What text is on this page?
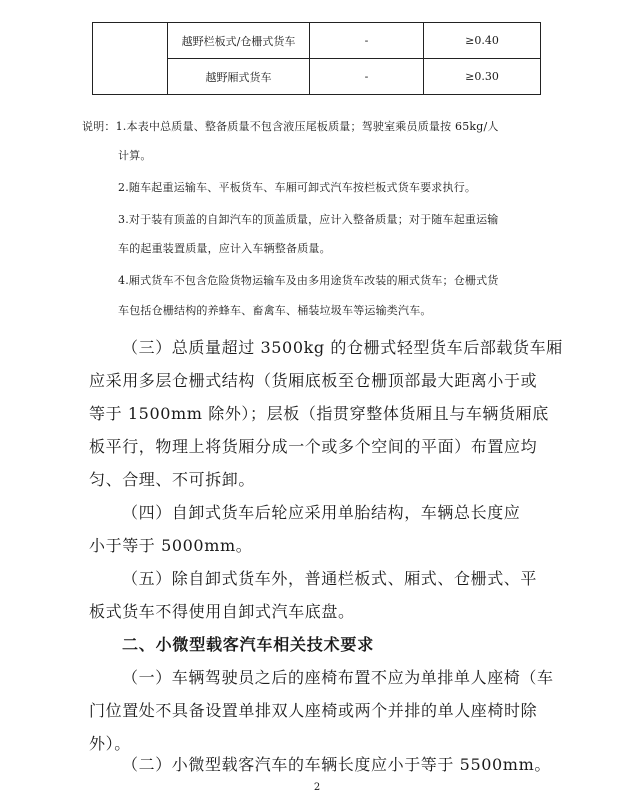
	越野栏板式/仓栅式货车	-	≥0.40
	越野厢式货车	-	≥0.30
说明：1.本表中总质量、整备质量不包含液压尾板质量；驾驶室乘员质量按 65kg/人
计算。
2.随车起重运输车、平板货车、车厢可卸式汽车按栏板式货车要求执行。
3.对于装有顶盖的自卸汽车的顶盖质量，应计入整备质量；对于随车起重运输
车的起重装置质量，应计入车辆整备质量。
4.厢式货车不包含危险货物运输车及由多用途货车改装的厢式货车；仓栅式货
车包括仓栅结构的养蜂车、畜禽车、桶装垃圾车等运输类汽车。
（三）总质量超过 3500kg 的仓栅式轻型货车后部载货车厢
应采用多层仓栅式结构（货厢底板至仓栅顶部最大距离小于或
等于 1500mm 除外）；层板（指贯穿整体货厢且与车辆货厢底
板平行，物理上将货厢分成一个或多个空间的平面）布置应均
匀、合理、不可拆卸。
（四）自卸式货车后轮应采用单胎结构，车辆总长度应
小于等于 5000mm。
（五）除自卸式货车外，普通栏板式、厢式、仓栅式、平
板式货车不得使用自卸式汽车底盘。
二、小微型载客汽车相关技术要求
（一）车辆驾驶员之后的座椅布置不应为单排单人座椅（车
门位置处不具备设置单排双人座椅或两个并排的单人座椅时除
外）。
（二）小微型载客汽车的车辆长度应小于等于 5500mm。
2
